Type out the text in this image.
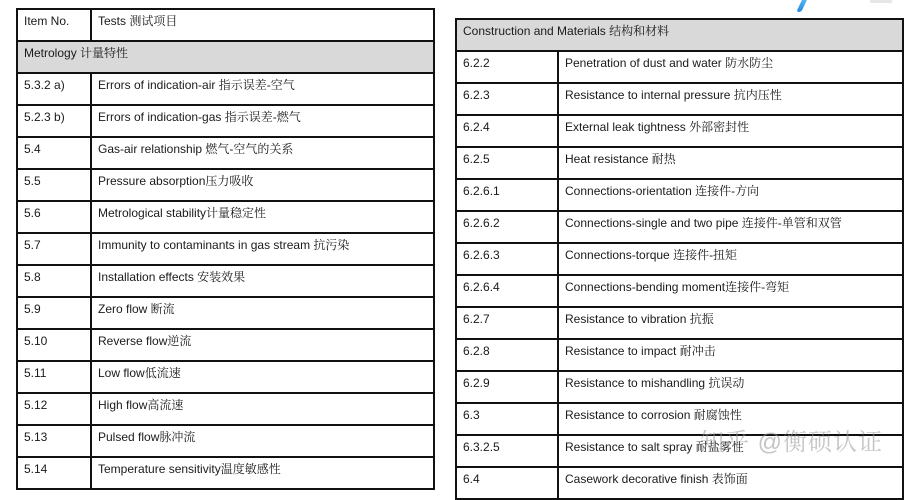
Item No.	Tests 测试项目
Metrology 计量特性	
5.3.2 a)	Errors of indication-air 指示误差-空气
5.2.3 b)	Errors of indication-gas 指示误差-燃气
5.4	Gas-air relationship 燃气-空气的关系
5.5	Pressure absorption压力吸收
5.6	Metrological stability计量稳定性
5.7	Immunity to contaminants in gas stream 抗污染
5.8	Installation effects 安装效果
5.9	Zero flow 断流
5.10	Reverse flow逆流
5.11	Low flow低流速
5.12	High flow高流速
5.13	Pulsed flow脉冲流
5.14	Temperature sensitivity温度敏感性
Construction and Materials 结构和材料	
6.2.2	Penetration of dust and water 防水防尘
6.2.3	Resistance to internal pressure 抗内压性
6.2.4	External leak tightness 外部密封性
6.2.5	Heat resistance 耐热
6.2.6.1	Connections-orientation 连接件-方向
6.2.6.2	Connections-single and two pipe 连接件-单管和双管
6.2.6.3	Connections-torque 连接件-扭矩
6.2.6.4	Connections-bending moment连接件-弯矩
6.2.7	Resistance to vibration 抗振
6.2.8	Resistance to impact 耐冲击
6.2.9	Resistance to mishandling 抗误动
6.3	Resistance to corrosion 耐腐蚀性
6.3.2.5	Resistance to salt spray 耐盐雾性
6.4	Casework decorative finish 表饰面
知乎 @衡硕认证
